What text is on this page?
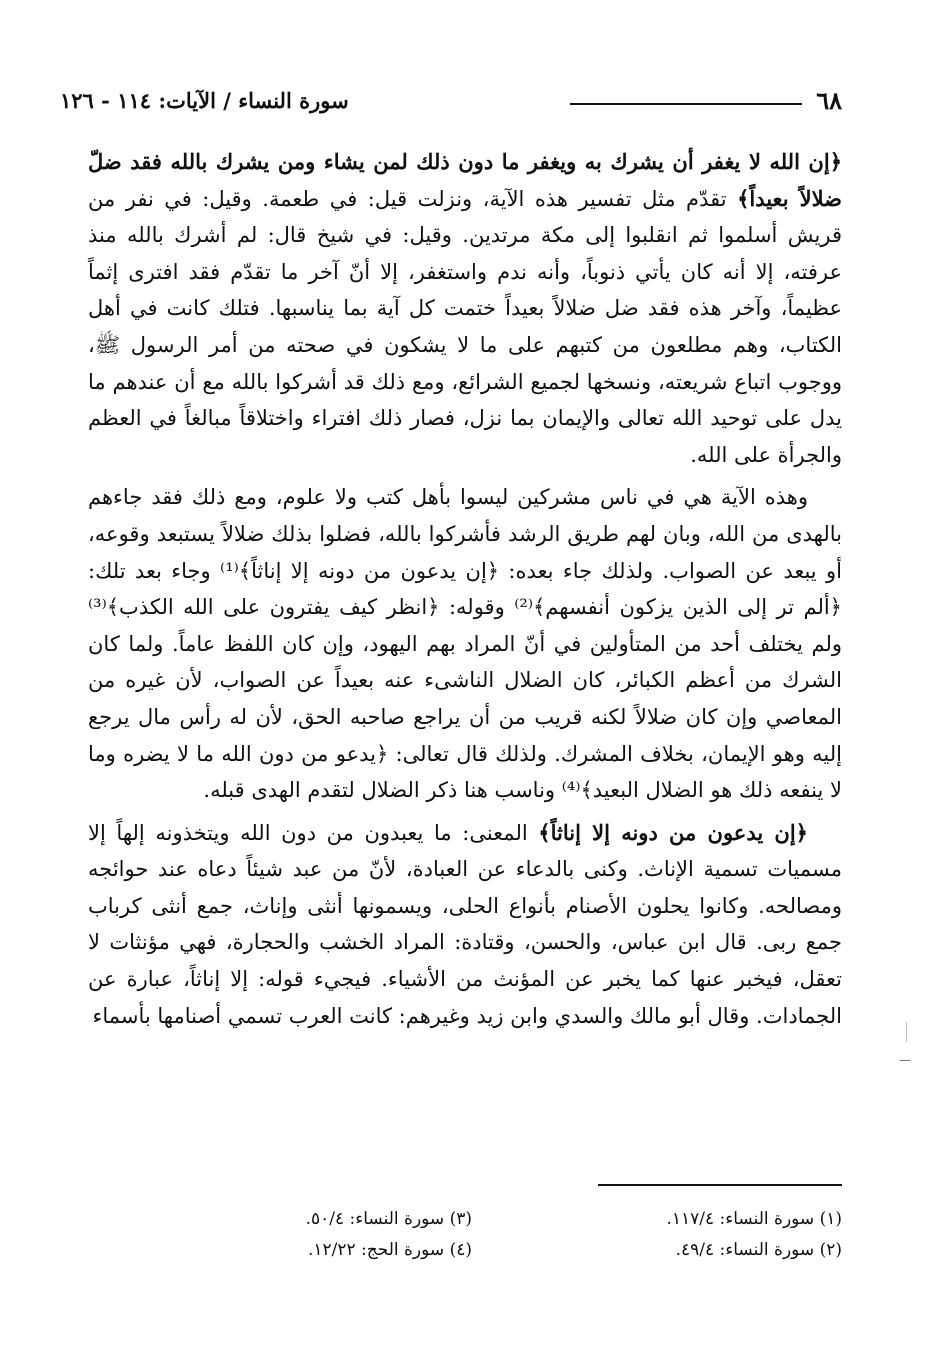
٦٨
سورة النساء / الآيات: ١١٤ - ١٢٦

﴿إن الله لا يغفر أن يشرك به ويغفر ما دون ذلك لمن يشاء ومن يشرك بالله فقد ضلّ ضلالاً بعيداً﴾ تقدّم مثل تفسير هذه الآية، ونزلت قيل: في طعمة. وقيل: في نفر من قريش أسلموا ثم انقلبوا إلى مكة مرتدين. وقيل: في شيخ قال: لم أشرك بالله منذ عرفته، إلا أنه كان يأتي ذنوباً، وأنه ندم واستغفر، إلا أنّ آخر ما تقدّم فقد افترى إثماً عظيماً، وآخر هذه فقد ضل ضلالاً بعيداً ختمت كل آية بما يناسبها. فتلك كانت في أهل الكتاب، وهم مطلعون من كتبهم على ما لا يشكون في صحته من أمر الرسول ﷺ، ووجوب اتباع شريعته، ونسخها لجميع الشرائع، ومع ذلك قد أشركوا بالله مع أن عندهم ما يدل على توحيد الله تعالى والإيمان بما نزل، فصار ذلك افتراء واختلاقاً مبالغاً في العظم والجرأة على الله.

وهذه الآية هي في ناس مشركين ليسوا بأهل كتب ولا علوم، ومع ذلك فقد جاءهم بالهدى من الله، وبان لهم طريق الرشد فأشركوا بالله، فضلوا بذلك ضلالاً يستبعد وقوعه، أو يبعد عن الصواب. ولذلك جاء بعده: ﴿إن يدعون من دونه إلا إناثاً﴾⁽¹⁾ وجاء بعد تلك: ﴿ألم تر إلى الذين يزكون أنفسهم﴾⁽²⁾ وقوله: ﴿انظر كيف يفترون على الله الكذب﴾⁽³⁾ ولم يختلف أحد من المتأولين في أنّ المراد بهم اليهود، وإن كان اللفظ عاماً. ولما كان الشرك من أعظم الكبائر، كان الضلال الناشىء عنه بعيداً عن الصواب، لأن غيره من المعاصي وإن كان ضلالاً لكنه قريب من أن يراجع صاحبه الحق، لأن له رأس مال يرجع إليه وهو الإيمان، بخلاف المشرك. ولذلك قال تعالى: ﴿يدعو من دون الله ما لا يضره وما لا ينفعه ذلك هو الضلال البعيد﴾⁽⁴⁾ وناسب هنا ذكر الضلال لتقدم الهدى قبله.

﴿إن يدعون من دونه إلا إناثاً﴾ المعنى: ما يعبدون من دون الله ويتخذونه إلهاً إلا مسميات تسمية الإناث. وكنى بالدعاء عن العبادة، لأنّ من عبد شيئاً دعاه عند حوائجه ومصالحه. وكانوا يحلون الأصنام بأنواع الحلى، ويسمونها أنثى وإناث، جمع أنثى كرباب جمع ربى. قال ابن عباس، والحسن، وقتادة: المراد الخشب والحجارة، فهي مؤنثات لا تعقل، فيخبر عنها كما يخبر عن المؤنث من الأشياء. فيجيء قوله: إلا إناثاً، عبارة عن الجمادات. وقال أبو مالك والسدي وابن زيد وغيرهم: كانت العرب تسمي أصنامها بأسماء

(١) سورة النساء: ١١٧/٤.
(٢) سورة النساء: ٤٩/٤.
(٣) سورة النساء: ٥٠/٤.
(٤) سورة الحج: ١٢/٢٢.
